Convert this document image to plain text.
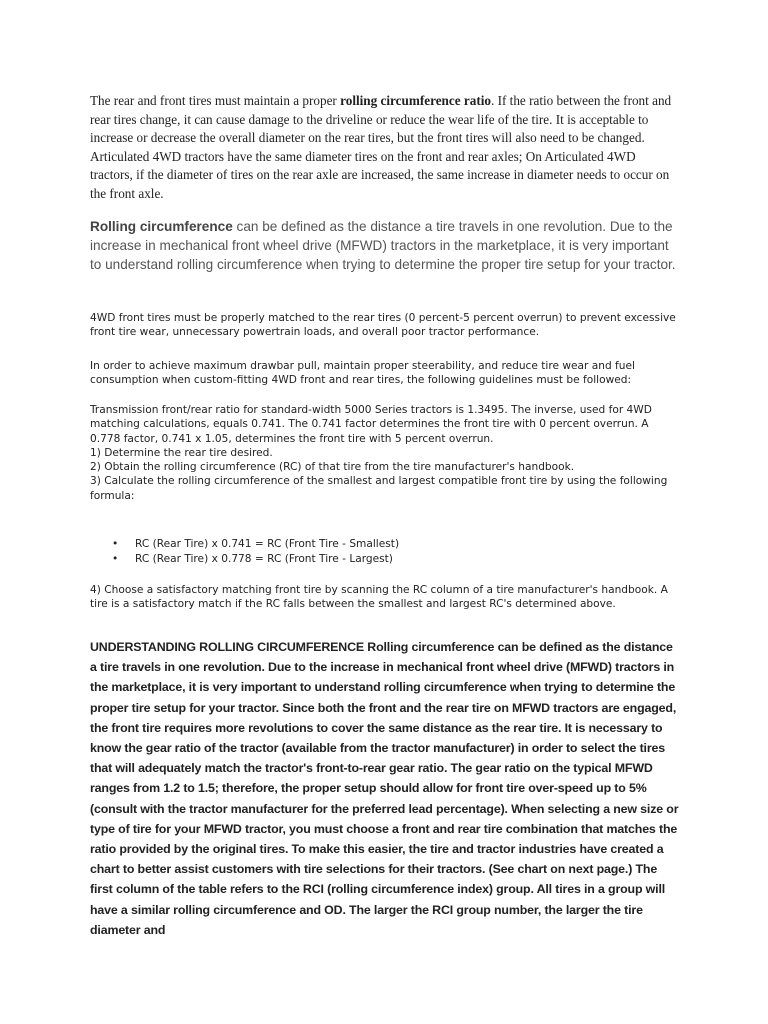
The rear and front tires must maintain a proper rolling circumference ratio. If the ratio between the front and rear tires change, it can cause damage to the driveline or reduce the wear life of the tire. It is acceptable to increase or decrease the overall diameter on the rear tires, but the front tires will also need to be changed. Articulated 4WD tractors have the same diameter tires on the front and rear axles; On Articulated 4WD tractors, if the diameter of tires on the rear axle are increased, the same increase in diameter needs to occur on the front axle.

Rolling circumference can be defined as the distance a tire travels in one revolution. Due to the increase in mechanical front wheel drive (MFWD) tractors in the marketplace, it is very important to understand rolling circumference when trying to determine the proper tire setup for your tractor.

4WD front tires must be properly matched to the rear tires (0 percent-5 percent overrun) to prevent excessive front tire wear, unnecessary powertrain loads, and overall poor tractor performance.

In order to achieve maximum drawbar pull, maintain proper steerability, and reduce tire wear and fuel consumption when custom-fitting 4WD front and rear tires, the following guidelines must be followed:

Transmission front/rear ratio for standard-width 5000 Series tractors is 1.3495. The inverse, used for 4WD matching calculations, equals 0.741. The 0.741 factor determines the front tire with 0 percent overrun. A 0.778 factor, 0.741 x 1.05, determines the front tire with 5 percent overrun.
1) Determine the rear tire desired.
2) Obtain the rolling circumference (RC) of that tire from the tire manufacturer's handbook.
3) Calculate the rolling circumference of the smallest and largest compatible front tire by using the following formula:
• RC (Rear Tire) x 0.741 = RC (Front Tire - Smallest)
• RC (Rear Tire) x 0.778 = RC (Front Tire - Largest)

4) Choose a satisfactory matching front tire by scanning the RC column of a tire manufacturer's handbook. A tire is a satisfactory match if the RC falls between the smallest and largest RC's determined above.

UNDERSTANDING ROLLING CIRCUMFERENCE Rolling circumference can be defined as the distance a tire travels in one revolution. Due to the increase in mechanical front wheel drive (MFWD) tractors in the marketplace, it is very important to understand rolling circumference when trying to determine the proper tire setup for your tractor. Since both the front and the rear tire on MFWD tractors are engaged, the front tire requires more revolutions to cover the same distance as the rear tire. It is necessary to know the gear ratio of the tractor (available from the tractor manufacturer) in order to select the tires that will adequately match the tractor's front-to-rear gear ratio. The gear ratio on the typical MFWD ranges from 1.2 to 1.5; therefore, the proper setup should allow for front tire over-speed up to 5% (consult with the tractor manufacturer for the preferred lead percentage). When selecting a new size or type of tire for your MFWD tractor, you must choose a front and rear tire combination that matches the ratio provided by the original tires. To make this easier, the tire and tractor industries have created a chart to better assist customers with tire selections for their tractors. (See chart on next page.) The first column of the table refers to the RCI (rolling circumference index) group. All tires in a group will have a similar rolling circumference and OD. The larger the RCI group number, the larger the tire diameter and
